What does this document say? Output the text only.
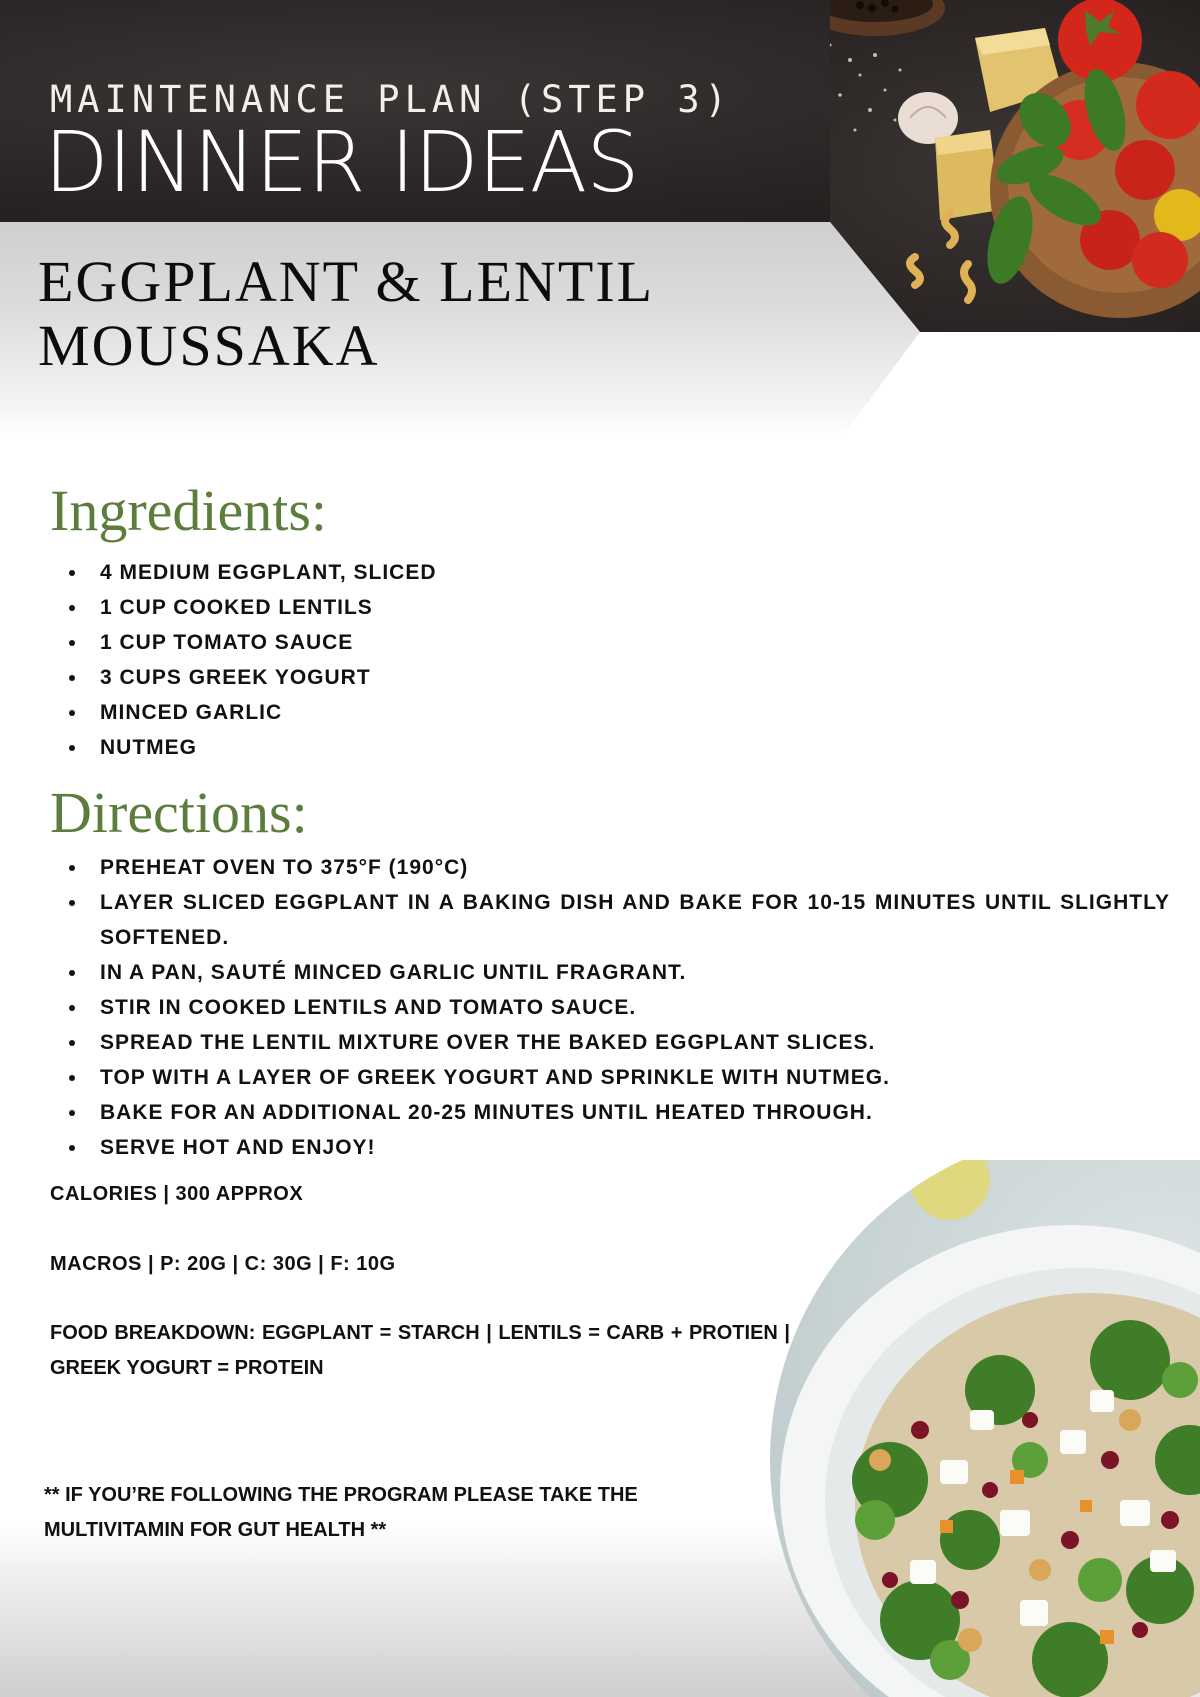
MAINTENANCE PLAN (STEP 3)
DINNER IDEAS
EGGPLANT & LENTIL
MOUSSAKA
Ingredients:
• 4 MEDIUM EGGPLANT, SLICED
• 1 CUP COOKED LENTILS
• 1 CUP TOMATO SAUCE
• 3 CUPS GREEK YOGURT
• MINCED GARLIC
• NUTMEG
Directions:
• PREHEAT OVEN TO 375°F (190°C)
• LAYER SLICED EGGPLANT IN A BAKING DISH AND BAKE FOR 10-15 MINUTES UNTIL SLIGHTLY SOFTENED.
• IN A PAN, SAUTÉ MINCED GARLIC UNTIL FRAGRANT.
• STIR IN COOKED LENTILS AND TOMATO SAUCE.
• SPREAD THE LENTIL MIXTURE OVER THE BAKED EGGPLANT SLICES.
• TOP WITH A LAYER OF GREEK YOGURT AND SPRINKLE WITH NUTMEG.
• BAKE FOR AN ADDITIONAL 20-25 MINUTES UNTIL HEATED THROUGH.
• SERVE HOT AND ENJOY!
CALORIES | 300 APPROX
MACROS | P: 20G | C: 30G | F: 10G
FOOD BREAKDOWN: EGGPLANT = STARCH | LENTILS = CARB + PROTIEN | GREEK YOGURT = PROTEIN
** IF YOU’RE FOLLOWING THE PROGRAM PLEASE TAKE THE MULTIVITAMIN FOR GUT HEALTH **
